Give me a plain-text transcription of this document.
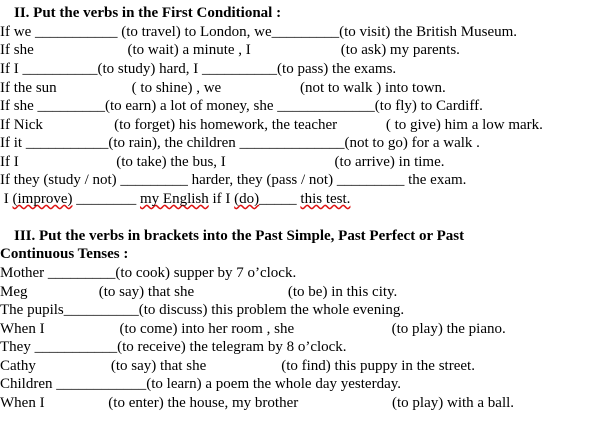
II. Put the verbs in the First Conditional :
If we ___________ (to travel) to London, we_________(to visit) the British Museum.
If she                         (to wait) a minute , I                        (to ask) my parents.
If I __________(to study) hard, I __________(to pass) the exams.
If the sun                    ( to shine) , we                     (not to walk ) into town.
If she _________(to earn) a lot of money, she _____________(to fly) to Cardiff.
If Nick                   (to forget) his homework, the teacher             ( to give) him a low mark.
If it ___________(to rain), the children ______________(not to go) for a walk .
If I                          (to take) the bus, I                             (to arrive) in time.
If they (study / not) _________ harder, they (pass / not) _________ the exam.
I (improve) ________ my English if I (do)_____ this test.
III. Put the verbs in brackets into the Past Simple, Past Perfect or Past
Continuous Tenses :
Mother _________(to cook) supper by 7 o’clock.
Meg                   (to say) that she                         (to be) in this city.
The pupils__________(to discuss) this problem the whole evening.
When I                    (to come) into her room , she                          (to play) the piano.
They ___________(to receive) the telegram by 8 o’clock.
Cathy                    (to say) that she                    (to find) this puppy in the street.
Children ____________(to learn) a poem the whole day yesterday.
When I                 (to enter) the house, my brother                         (to play) with a ball.
